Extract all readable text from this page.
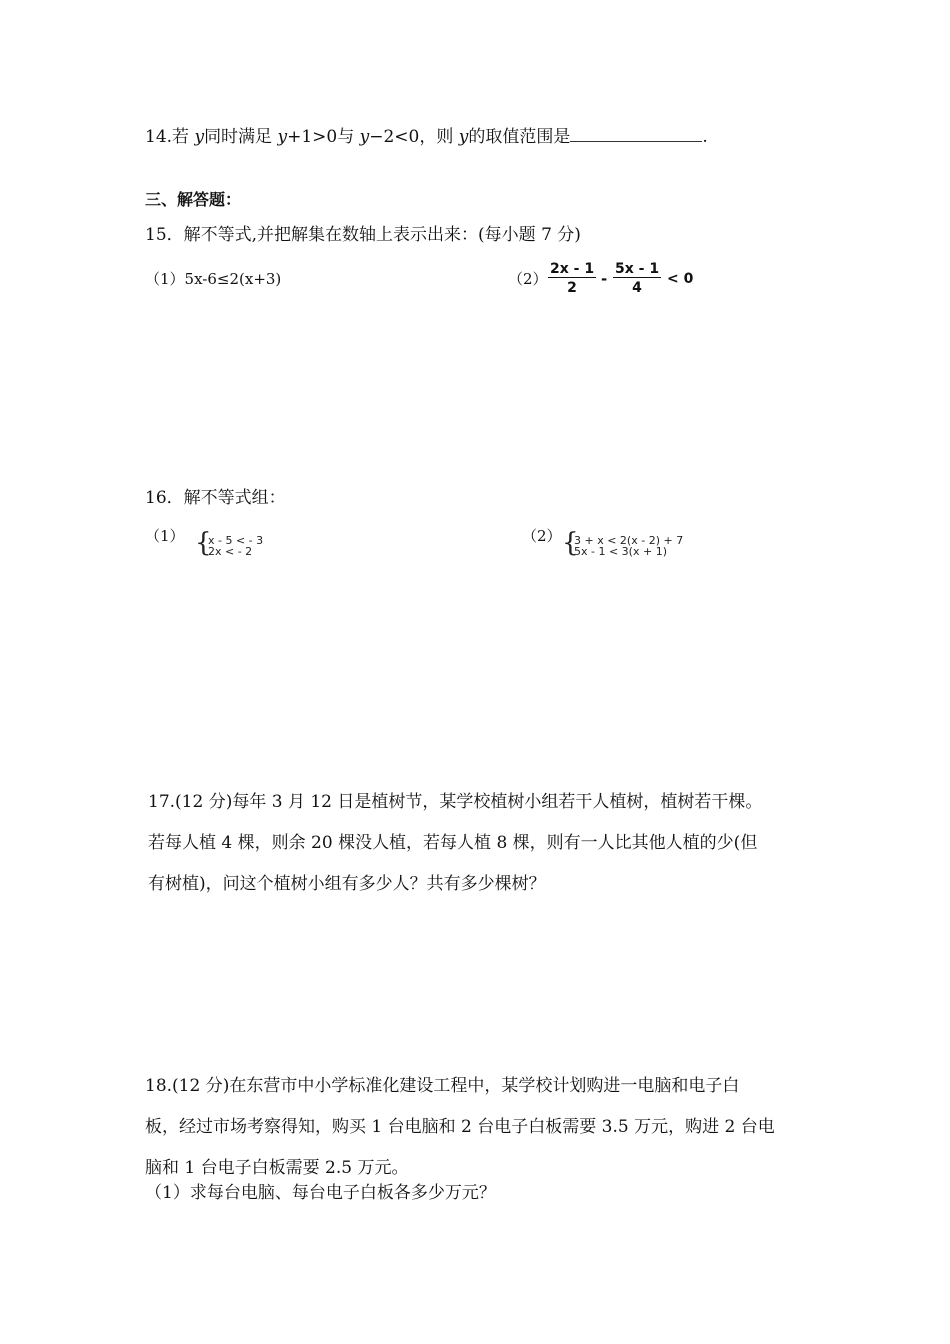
14.若 y同时满足 y+1>0与 y−2<0，则 y的取值范围是	.
三、解答题：
15．解不等式,并把解集在数轴上表示出来：(每小题 7 分)
（1）5x-6≤2(x+3)	$(2) \frac{2x - 1}{2} - \frac{5x - 1}{4} < 0$
16．解不等式组：
（1） {
x - 5 < - 3
2x < - 2
（2） {
3 + x < 2(x - 2) + 7
5x - 1 < 3(x + 1)
17.(12 分)每年 3 月 12 日是植树节，某学校植树小组若干人植树，植树若干棵。
若每人植 4 棵，则余 20 棵没人植，若每人植 8 棵，则有一人比其他人植的少(但
有树植)，问这个植树小组有多少人？共有多少棵树？
18.(12 分)在东营市中小学标准化建设工程中，某学校计划购进一电脑和电子白
板，经过市场考察得知，购买 1 台电脑和 2 台电子白板需要 3.5 万元，购进 2 台电
脑和 1 台电子白板需要 2.5 万元。
（1）求每台电脑、每台电子白板各多少万元？
